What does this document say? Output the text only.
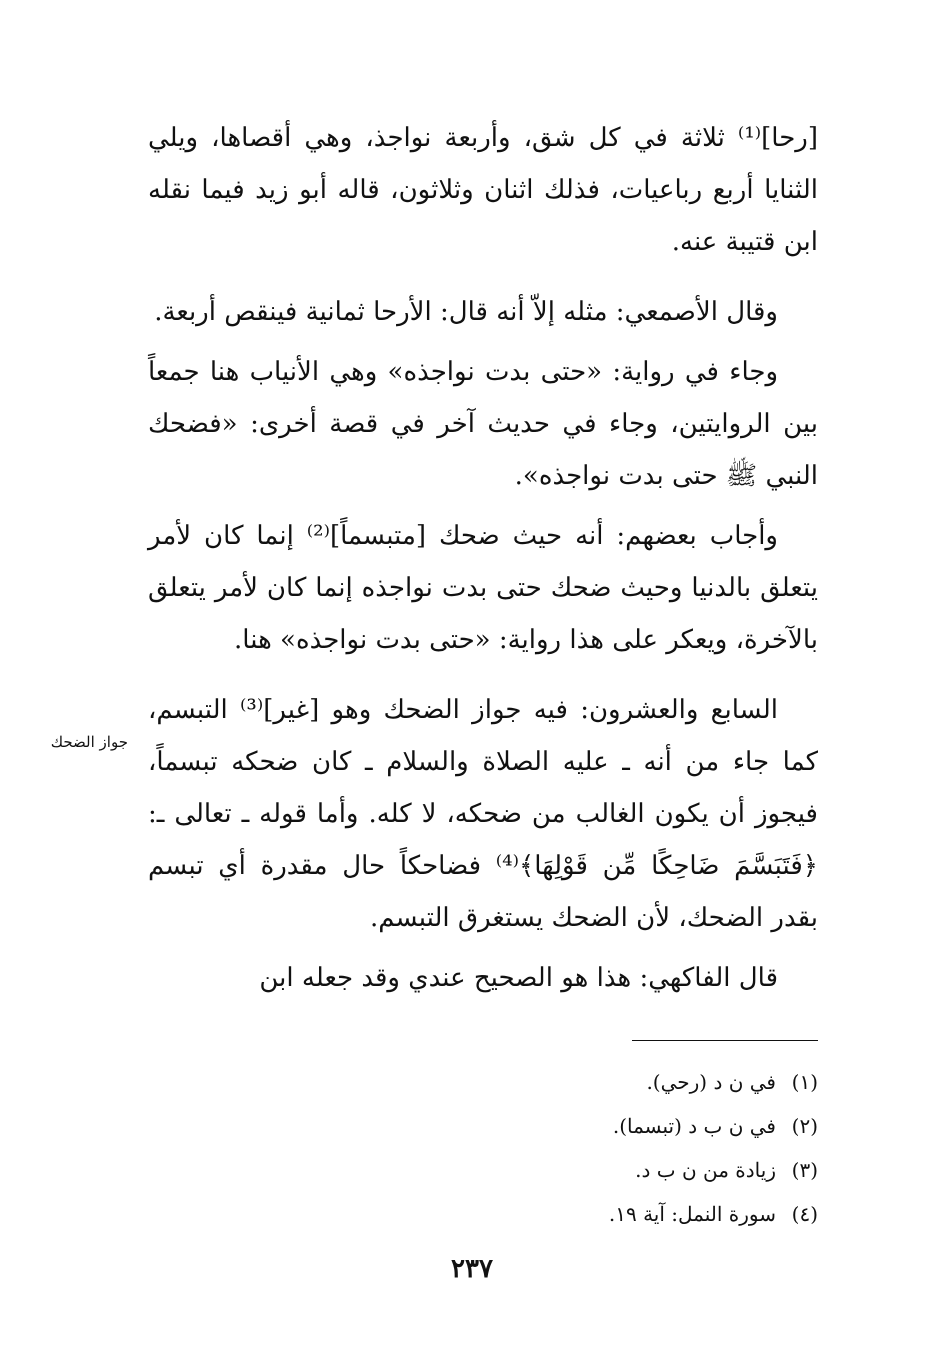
[رحا]⁽¹⁾ ثلاثة في كل شق، وأربعة نواجذ، وهي أقصاها، ويلي الثنايا أربع رباعيات، فذلك اثنان وثلاثون، قاله أبو زيد فيما نقله ابن قتيبة عنه.

وقال الأصمعي: مثله إلاّ أنه قال: الأرحا ثمانية فينقص أربعة.

وجاء في رواية: «حتى بدت نواجذه» وهي الأنياب هنا جمعاً بين الروايتين، وجاء في حديث آخر في قصة أخرى: «فضحك النبي ﷺ حتى بدت نواجذه».

وأجاب بعضهم: أنه حيث ضحك [متبسماً]⁽²⁾ إنما كان لأمر يتعلق بالدنيا وحيث ضحك حتى بدت نواجذه إنما كان لأمر يتعلق بالآخرة، ويعكر على هذا رواية: «حتى بدت نواجذه» هنا.

السابع والعشرون: فيه جواز الضحك وهو [غير]⁽³⁾ التبسم، كما جاء من أنه ـ عليه الصلاة والسلام ـ كان ضحكه تبسماً، فيجوز أن يكون الغالب من ضحكه، لا كله. وأما قوله ـ تعالى ـ: ﴿فَتَبَسَّمَ ضَاحِكًا مِّن قَوْلِهَا﴾⁽⁴⁾ فضاحكاً حال مقدرة أي تبسم بقدر الضحك، لأن الضحك يستغرق التبسم.

قال الفاكهي: هذا هو الصحيح عندي وقد جعله ابن

جواز الضحك
(١)في ن د (رحي).
(٢)في ن ب د (تبسما).
(٣)زيادة من ن ب د.
(٤)سورة النمل: آية ١٩.
٢٣٧
